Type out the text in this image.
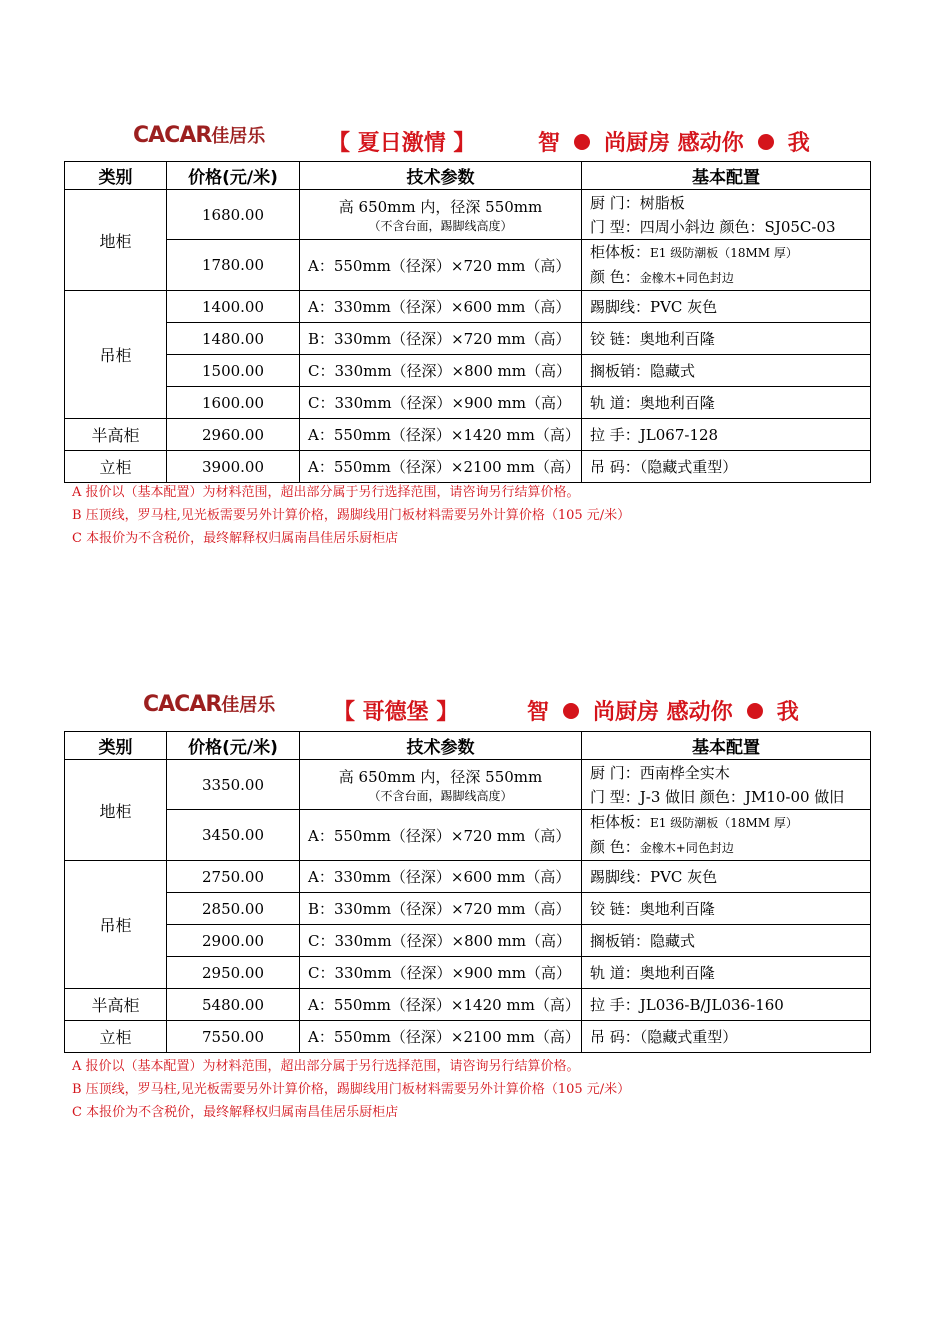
CACAR佳居乐	【 夏日激情 】	智 尚厨房 感动你 我
类别	价格(元/米)	技术参数	基本配置
地柜	1680.00	高 650mm 内，径深 550mm
（不含台面，踢脚线高度）	厨 门：树脂板
门 型：四周小斜边 颜色：SJ05C-03

	1780.00	A：550mm（径深）×720 mm（高）	柜体板：E1 级防潮板（18MM 厚）
颜 色：金橡木+同色封边

吊柜	1400.00	A：330mm（径深）×600 mm（高）	踢脚线：PVC 灰色
	1480.00	B：330mm（径深）×720 mm（高）	铰 链：奥地利百隆
	1500.00	C：330mm（径深）×800 mm（高）	搁板销：隐藏式
	1600.00	C：330mm（径深）×900 mm（高）	轨 道：奥地利百隆
半高柜	2960.00	A：550mm（径深）×1420 mm（高）	拉 手：JL067-128
立柜	3900.00	A：550mm（径深）×2100 mm（高）	吊 码：（隐藏式重型）
A 报价以（基本配置）为材料范围，超出部分属于另行选择范围，请咨询另行结算价格。
B 压顶线，罗马柱,见光板需要另外计算价格，踢脚线用门板材料需要另外计算价格（105 元/米）
C 本报价为不含税价，最终解释权归属南昌佳居乐厨柜店
CACAR佳居乐	【 哥德堡 】	智 尚厨房 感动你 我
类别	价格(元/米)	技术参数	基本配置
地柜	3350.00	高 650mm 内，径深 550mm
（不含台面，踢脚线高度）	厨 门：西南桦全实木
门 型：J-3 做旧 颜色：JM10-00 做旧

	3450.00	A：550mm（径深）×720 mm（高）	柜体板：E1 级防潮板（18MM 厚）
颜 色：金橡木+同色封边

吊柜	2750.00	A：330mm（径深）×600 mm（高）	踢脚线：PVC 灰色
	2850.00	B：330mm（径深）×720 mm（高）	铰 链：奥地利百隆
	2900.00	C：330mm（径深）×800 mm（高）	搁板销：隐藏式
	2950.00	C：330mm（径深）×900 mm（高）	轨 道：奥地利百隆
半高柜	5480.00	A：550mm（径深）×1420 mm（高）	拉 手：JL036-B/JL036-160
立柜	7550.00	A：550mm（径深）×2100 mm（高）	吊 码：（隐藏式重型）
A 报价以（基本配置）为材料范围，超出部分属于另行选择范围，请咨询另行结算价格。
B 压顶线，罗马柱,见光板需要另外计算价格，踢脚线用门板材料需要另外计算价格（105 元/米）
C 本报价为不含税价，最终解释权归属南昌佳居乐厨柜店
